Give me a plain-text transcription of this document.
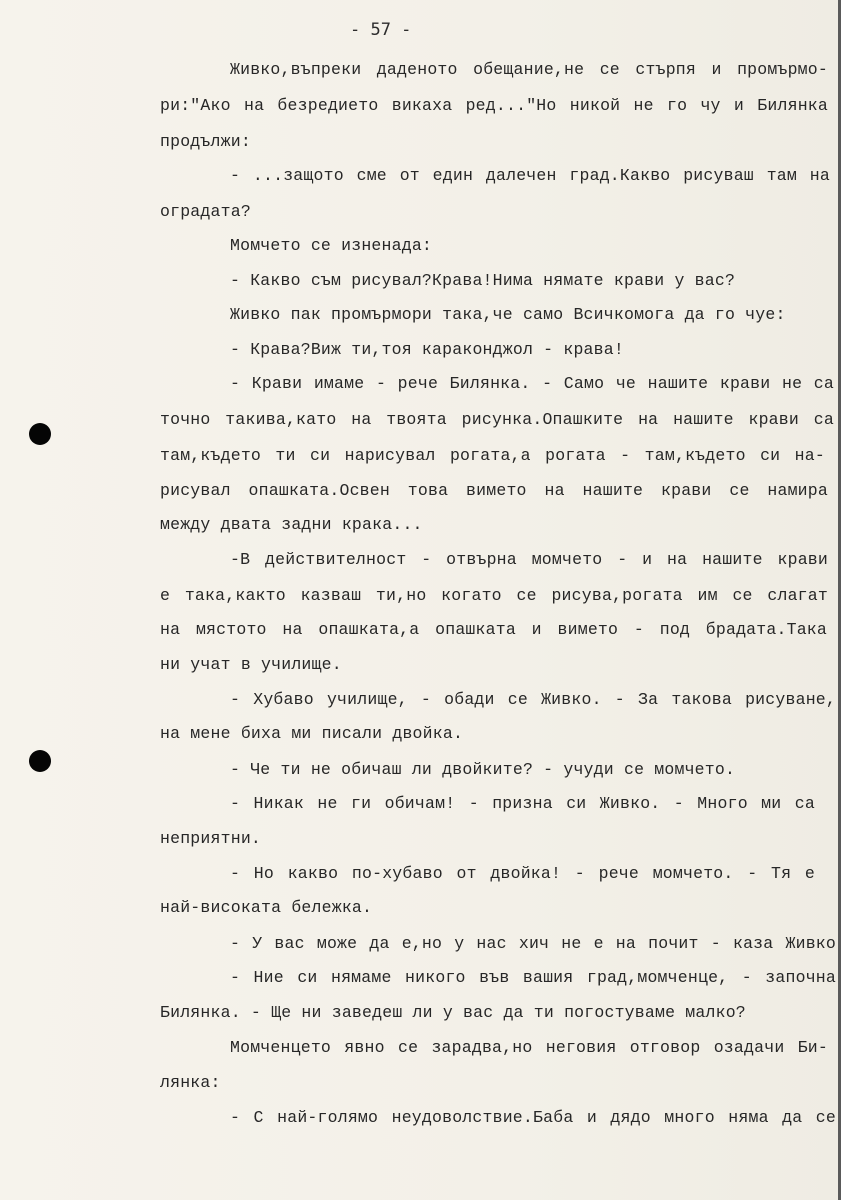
- 57 -
Живко,въпреки даденото обещание,не се стърпя и промърмо-
ри:"Ако на безредието викаха ред..."Но никой не го чу и Билянка
продължи:
- ...защото сме от един далечен град.Какво рисуваш там на
оградата?
Момчето се изненада:
- Какво съм рисувал?Крава!Нима нямате крави у вас?
Живко пак промърмори така,че само Всичкомога да го чуе:
- Крава?Виж ти,тоя караконджол - крава!
- Крави имаме - рече Билянка. - Само че нашите крави не са
точно такива,като на твоята рисунка.Опашките на нашите крави са
там,където ти си нарисувал рогата,а рогата - там,където си на-
рисувал опашката.Освен това вимето на нашите крави се намира
между двата задни крака...
-В действителност - отвърна момчето - и на нашите крави
е така,както казваш ти,но когато се рисува,рогата им се слагат
на мястото на опашката,а опашката и вимето - под брадата.Така
ни учат в училище.
- Хубаво училище, - обади се Живко. - За такова рисуване,
на мене биха ми писали двойка.
- Че ти не обичаш ли двойките? - учуди се момчето.
- Никак не ги обичам! - призна си Живко. - Много ми са
неприятни.
- Но какво по-хубаво от двойка! - рече момчето. - Тя е
най-високата бележка.
- У вас може да е,но у нас хич не е на почит - каза Живко
- Ние си нямаме никого във вашия град,момченце, - започна
Билянка. - Ще ни заведеш ли у вас да ти погостуваме малко?
Момченцето явно се зарадва,но неговия отговор озадачи Би-
лянка:
- С най-голямо неудоволствие.Баба и дядо много няма да се
